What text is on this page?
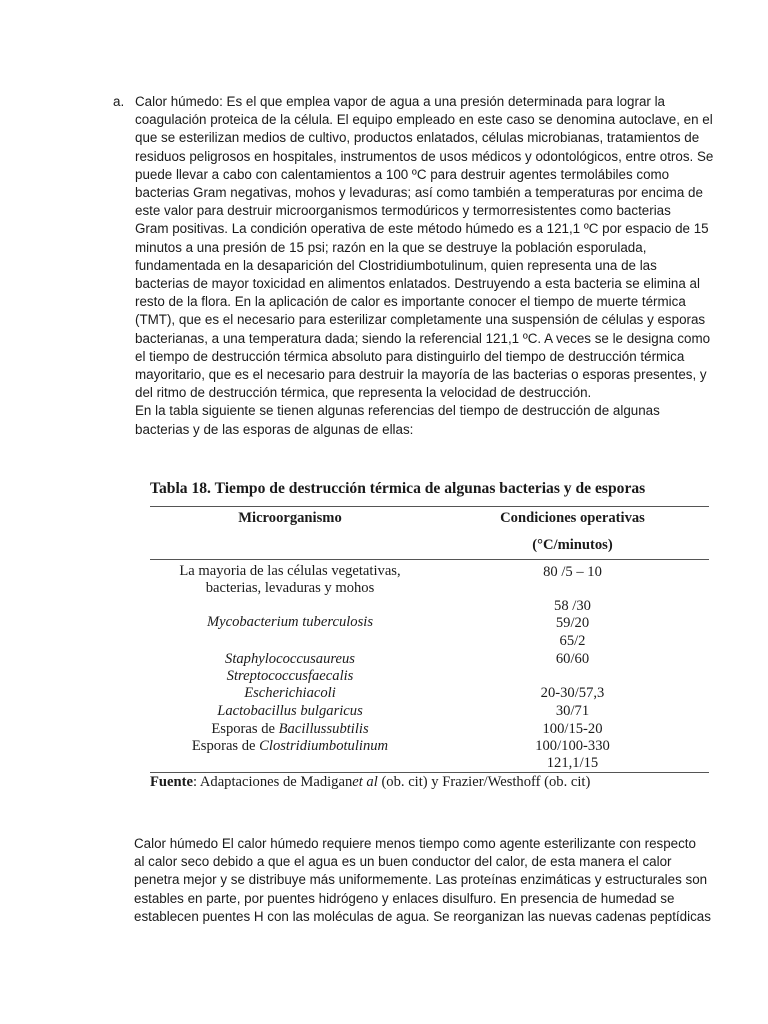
a. Calor húmedo: Es el que emplea vapor de agua a una presión determinada para lograr la
coagulación proteica de la célula. El equipo empleado en este caso se denomina autoclave, en el
que se esterilizan medios de cultivo, productos enlatados, células microbianas, tratamientos de
residuos peligrosos en hospitales, instrumentos de usos médicos y odontológicos, entre otros. Se
puede llevar a cabo con calentamientos a 100 ºC para destruir agentes termolábiles como
bacterias Gram negativas, mohos y levaduras; así como también a temperaturas por encima de
este valor para destruir microorganismos termodúricos y termorresistentes como bacterias
Gram positivas. La condición operativa de este método húmedo es a 121,1 ºC por espacio de 15
minutos a una presión de 15 psi; razón en la que se destruye la población esporulada,
fundamentada en la desaparición del Clostridiumbotulinum, quien representa una de las
bacterias de mayor toxicidad en alimentos enlatados. Destruyendo a esta bacteria se elimina al
resto de la flora. En la aplicación de calor es importante conocer el tiempo de muerte térmica
(TMT), que es el necesario para esterilizar completamente una suspensión de células y esporas
bacterianas, a una temperatura dada; siendo la referencial 121,1 ºC. A veces se le designa como
el tiempo de destrucción térmica absoluto para distinguirlo del tiempo de destrucción térmica
mayoritario, que es el necesario para destruir la mayoría de las bacterias o esporas presentes, y
del ritmo de destrucción térmica, que representa la velocidad de destrucción.
En la tabla siguiente se tienen algunas referencias del tiempo de destrucción de algunas
bacterias y de las esporas de algunas de ellas:
Tabla 18. Tiempo de destrucción térmica de algunas bacterias y de esporas
Microorganismo	Condiciones operativas
(°C/minutos)
La mayoria de las células vegetativas,
bacterias, levaduras y mohos
Mycobacterium tuberculosis
Staphylococcusaureus
Streptococcusfaecalis
Escherichiacoli
Lactobacillus bulgaricus
Esporas de Bacillussubtilis
Esporas de Clostridiumbotulinum
80 /5 – 10
58 /30
59/20
65/2
60/60
20-30/57,3
30/71
100/15-20
100/100-330
121,1/15
Fuente: Adaptaciones de Madiganet al (ob. cit) y Frazier/Westhoff (ob. cit)
Calor húmedo El calor húmedo requiere menos tiempo como agente esterilizante con respecto
al calor seco debido a que el agua es un buen conductor del calor, de esta manera el calor
penetra mejor y se distribuye más uniformemente. Las proteínas enzimáticas y estructurales son
estables en parte, por puentes hidrógeno y enlaces disulfuro. En presencia de humedad se
establecen puentes H con las moléculas de agua. Se reorganizan las nuevas cadenas peptídicas
